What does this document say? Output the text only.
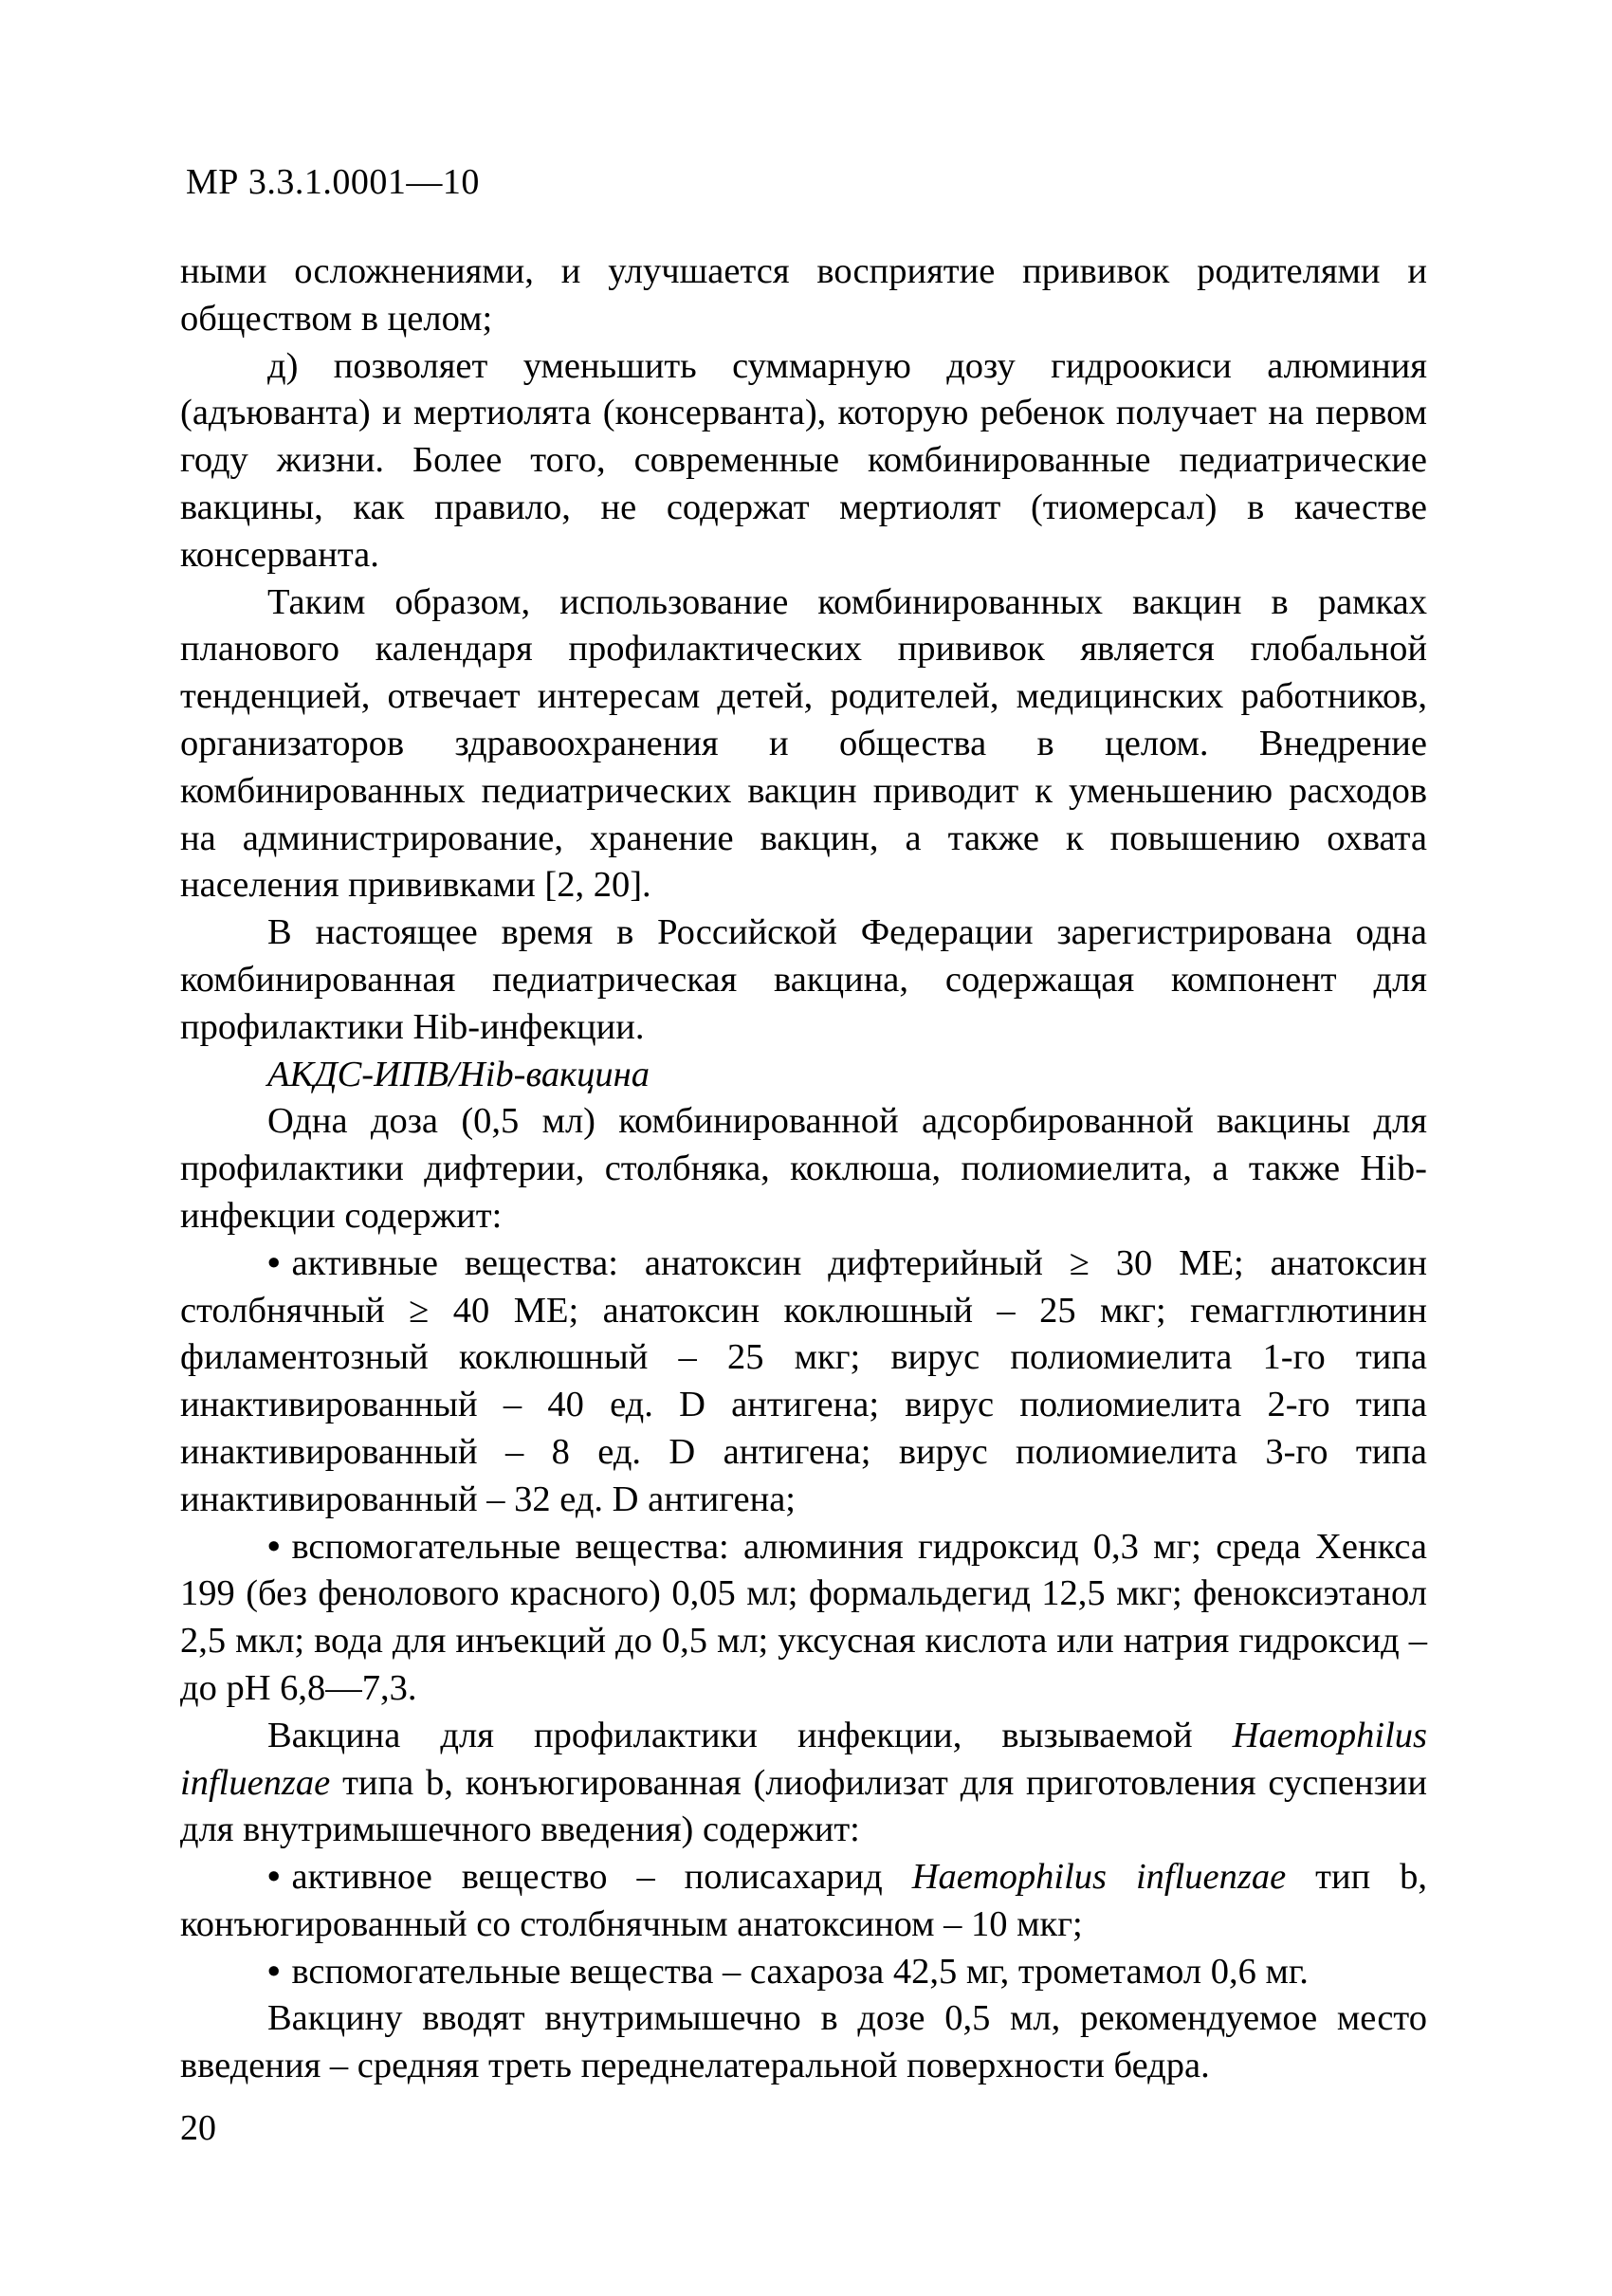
МР 3.3.1.0001—10

ными осложнениями, и улучшается восприятие прививок родителями и обществом в целом;

д) позволяет уменьшить суммарную дозу гидроокиси алюминия (адъюванта) и мертиолята (консерванта), которую ребенок получает на первом году жизни. Более того, современные комбинированные педиатрические вакцины, как правило, не содержат мертиолят (тиомерсал) в качестве консерванта.

Таким образом, использование комбинированных вакцин в рамках планового календаря профилактических прививок является глобальной тенденцией, отвечает интересам детей, родителей, медицинских работников, организаторов здравоохранения и общества в целом. Внедрение комбинированных педиатрических вакцин приводит к уменьшению расходов на администрирование, хранение вакцин, а также к повышению охвата населения прививками [2, 20].

В настоящее время в Российской Федерации зарегистрирована одна комбинированная педиатрическая вакцина, содержащая компонент для профилактики Hib-инфекции.

АКДС-ИПВ/Hib-вакцина

Одна доза (0,5 мл) комбинированной адсорбированной вакцины для профилактики дифтерии, столбняка, коклюша, полиомиелита, а также Hib-инфекции содержит:

• активные вещества: анатоксин дифтерийный ≥ 30 МЕ; анатоксин столбнячный ≥ 40 МЕ; анатоксин коклюшный – 25 мкг; гемагглютинин филаментозный коклюшный – 25 мкг; вирус полиомиелита 1-го типа инактивированный – 40 ед. D антигена; вирус полиомиелита 2-го типа инактивированный – 8 ед. D антигена; вирус полиомиелита 3-го типа инактивированный – 32 ед. D антигена;

• вспомогательные вещества: алюминия гидроксид 0,3 мг; среда Хенкса 199 (без фенолового красного) 0,05 мл; формальдегид 12,5 мкг; феноксиэтанол 2,5 мкл; вода для инъекций до 0,5 мл; уксусная кислота или натрия гидроксид – до pH 6,8—7,3.

Вакцина для профилактики инфекции, вызываемой Haemophilus influenzae типа b, конъюгированная (лиофилизат для приготовления суспензии для внутримышечного введения) содержит:

• активное вещество – полисахарид Haemophilus influenzae тип b, конъюгированный со столбнячным анатоксином – 10 мкг;

• вспомогательные вещества – сахароза 42,5 мг, трометамол 0,6 мг.

Вакцину вводят внутримышечно в дозе 0,5 мл, рекомендуемое место введения – средняя треть переднелатеральной поверхности бедра.

20
